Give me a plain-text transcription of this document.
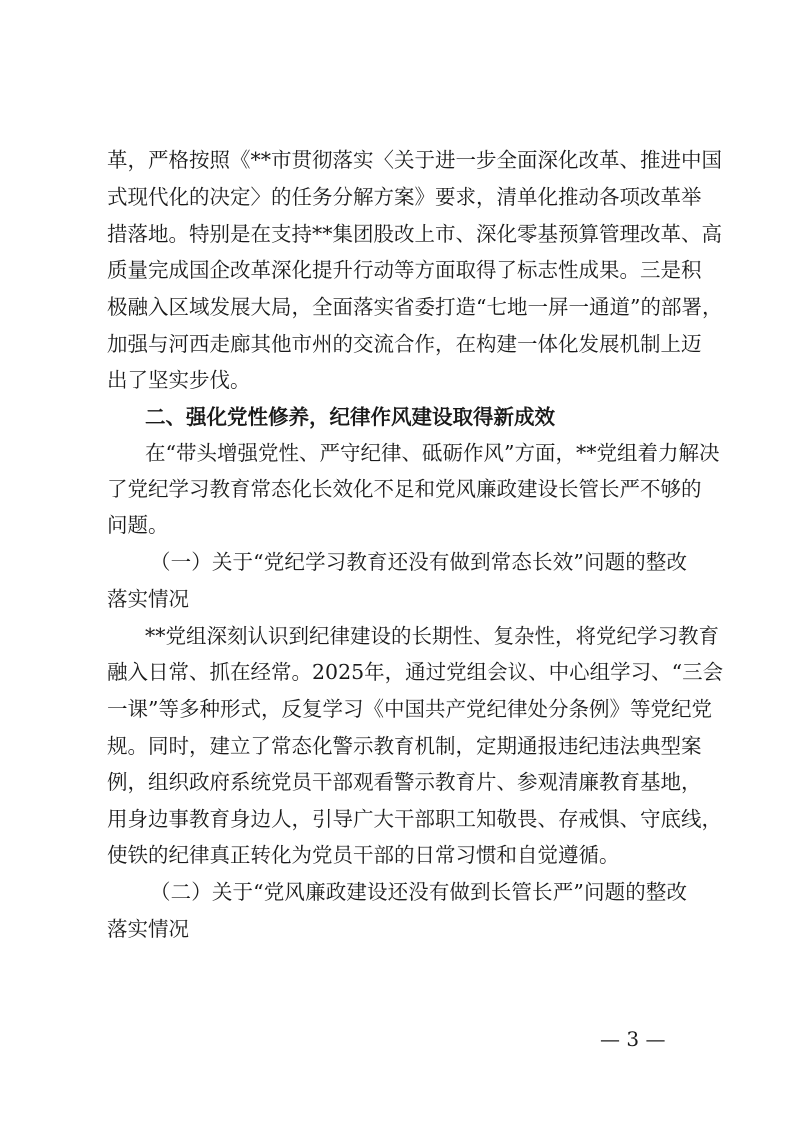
革，严格按照《**市贯彻落实〈关于进一步全面深化改革、推进中国
式现代化的决定〉的任务分解方案》要求，清单化推动各项改革举
措落地。特别是在支持**集团股改上市、深化零基预算管理改革、高
质量完成国企改革深化提升行动等方面取得了标志性成果。三是积
极融入区域发展大局，全面落实省委打造“七地一屏一通道”的部署，
加强与河西走廊其他市州的交流合作，在构建一体化发展机制上迈
出了坚实步伐。
二、强化党性修养，纪律作风建设取得新成效
在“带头增强党性、严守纪律、砥砺作风”方面，**党组着力解决
了党纪学习教育常态化长效化不足和党风廉政建设长管长严不够的
问题。
（一）关于“党纪学习教育还没有做到常态长效”问题的整改
落实情况
**党组深刻认识到纪律建设的长期性、复杂性，将党纪学习教育
融入日常、抓在经常。2025年，通过党组会议、中心组学习、“三会
一课”等多种形式，反复学习《中国共产党纪律处分条例》等党纪党
规。同时，建立了常态化警示教育机制，定期通报违纪违法典型案
例，组织政府系统党员干部观看警示教育片、参观清廉教育基地，
用身边事教育身边人，引导广大干部职工知敬畏、存戒惧、守底线，
使铁的纪律真正转化为党员干部的日常习惯和自觉遵循。
（二）关于“党风廉政建设还没有做到长管长严”问题的整改
落实情况
— 3 —
